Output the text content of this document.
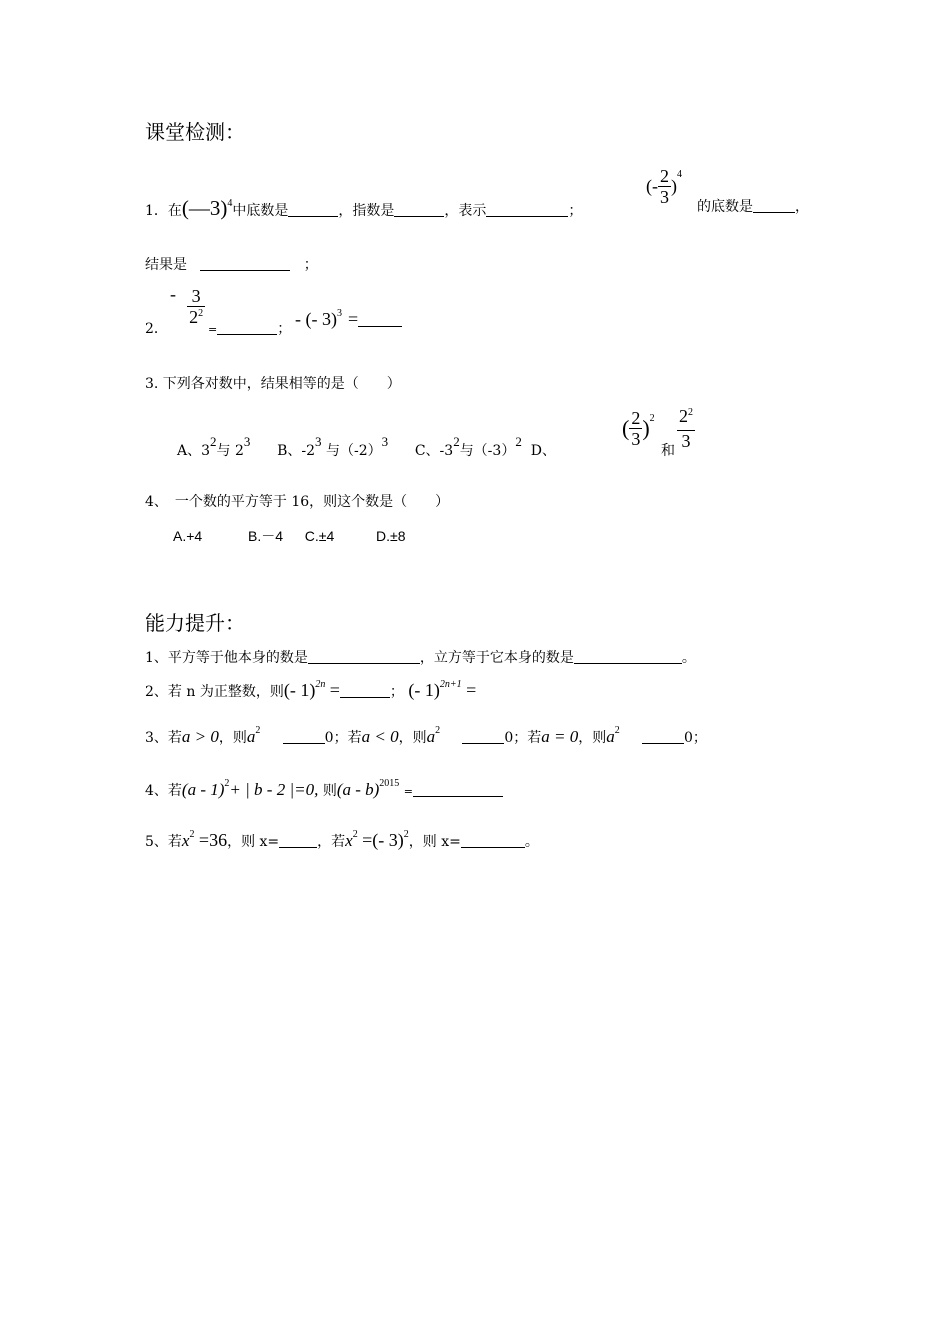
课堂检测：
1．在(—3)$^4$中底数是	，指数是	，表示	；
(- $\frac{2}{3} )^4$
的底数是	，
结果是	；
2．
- $\frac{3}{2^2}$ =	； - (- 3)$^3$ =
3. 下列各对数中，结果相等的是（　　）
A、32与 23      B、-23 与（-2）3      C、-32与（-3）2  D、
( $\frac{2}{3} )^2$
和 $\frac{2^2}{3}$
4、　一个数的平方等于 16，则这个数是（　　）
A.+4	B.－4 C.±4	D.±8
能力提升：
1、平方等于他本身的数是	，立方等于它本身的数是	。
2、若 n 为正整数，则(- 1)$^{2n}$ =	； (- 1)$^{2n+1}$ =
3、若a > 0，则$a^2$	0；若a < 0，则$a^2$	0；若a = 0，则$a^2$	0；
4、若(a - 1)$^2$+ | b - 2 |=0, 则(a - b)$^{2015}$ =
5、若$x^2 =36$，则 x=	，若$x^2$ =(- 3)$^2$，则 x=	。
